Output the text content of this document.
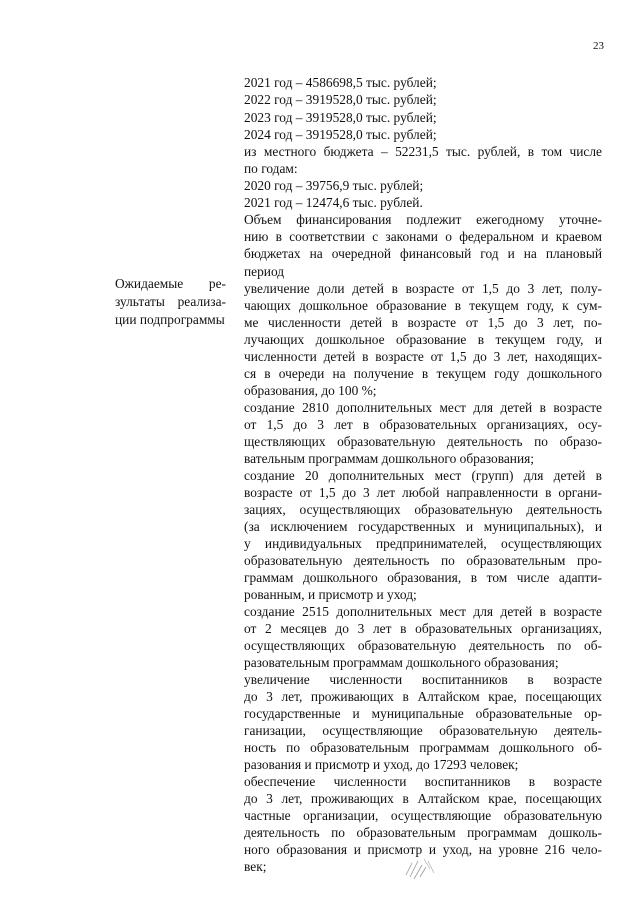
23
Ожидаемые ре-
зультаты реализа-
ции подпрограммы
2021 год – 4586698,5 тыс. рублей;
2022 год – 3919528,0 тыс. рублей;
2023 год – 3919528,0 тыс. рублей;
2024 год – 3919528,0 тыс. рублей;
из местного бюджета – 52231,5 тыс. рублей, в том числе
по годам:
2020 год – 39756,9 тыс. рублей;
2021 год – 12474,6 тыс. рублей.
Объем финансирования подлежит ежегодному уточне-
нию в соответствии с законами о федеральном и краевом
бюджетах на очередной финансовый год и на плановый
период
увеличение доли детей в возрасте от 1,5 до 3 лет, полу-
чающих дошкольное образование в текущем году, к сум-
ме численности детей в возрасте от 1,5 до 3 лет, по-
лучающих дошкольное образование в текущем году, и
численности детей в возрасте от 1,5 до 3 лет, находящих-
ся в очереди на получение в текущем году дошкольного
образования, до 100 %;
создание 2810 дополнительных мест для детей в возрасте
от 1,5 до 3 лет в образовательных организациях, осу-
ществляющих образовательную деятельность по образо-
вательным программам дошкольного образования;
создание 20 дополнительных мест (групп) для детей в
возрасте от 1,5 до 3 лет любой направленности в органи-
зациях, осуществляющих образовательную деятельность
(за исключением государственных и муниципальных), и
у индивидуальных предпринимателей, осуществляющих
образовательную деятельность по образовательным про-
граммам дошкольного образования, в том числе адапти-
рованным, и присмотр и уход;
создание 2515 дополнительных мест для детей в возрасте
от 2 месяцев до 3 лет в образовательных организациях,
осуществляющих образовательную деятельность по об-
разовательным программам дошкольного образования;
увеличение численности воспитанников в возрасте
до 3 лет, проживающих в Алтайском крае, посещающих
государственные и муниципальные образовательные ор-
ганизации, осуществляющие образовательную деятель-
ность по образовательным программам дошкольного об-
разования и присмотр и уход, до 17293 человек;
обеспечение численности воспитанников в возрасте
до 3 лет, проживающих в Алтайском крае, посещающих
частные организации, осуществляющие образовательную
деятельность по образовательным программам дошколь-
ного образования и присмотр и уход, на уровне 216 чело-
век;
